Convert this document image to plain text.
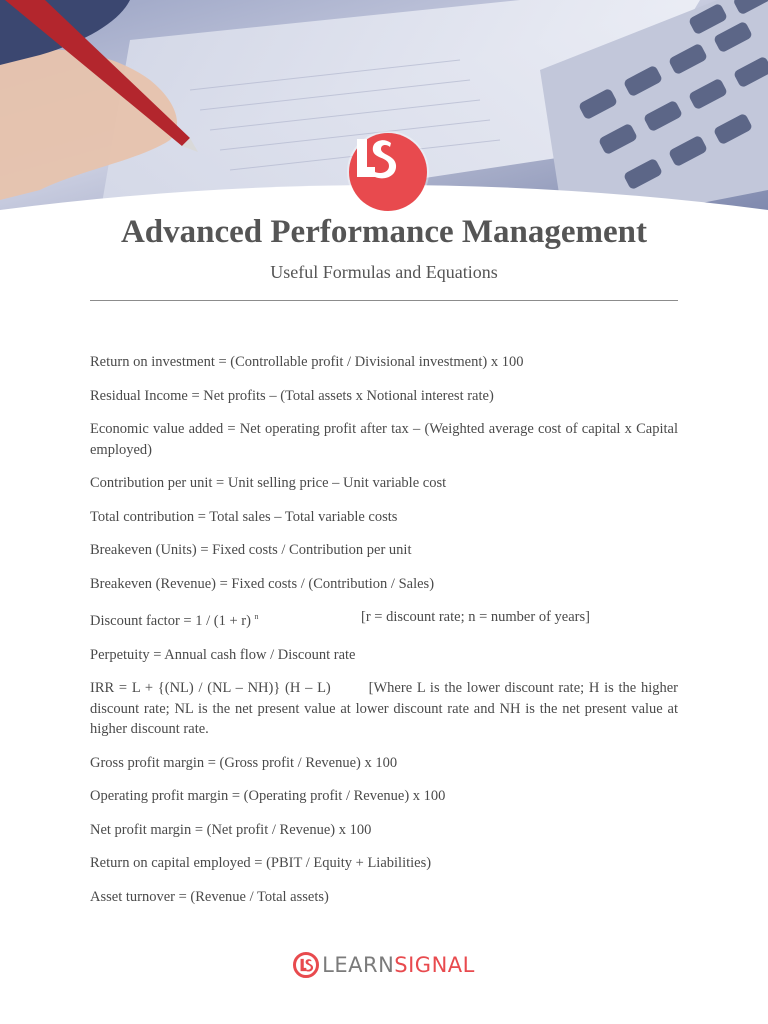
Advanced Performance Management
Useful Formulas and Equations

Return on investment = (Controllable profit / Divisional investment) x 100

Residual Income = Net profits – (Total assets x Notional interest rate)

Economic value added = Net operating profit after tax – (Weighted average cost of capital x Capital employed)

Contribution per unit = Unit selling price – Unit variable cost

Total contribution = Total sales – Total variable costs

Breakeven (Units) = Fixed costs / Contribution per unit

Breakeven (Revenue) = Fixed costs / (Contribution / Sales)

Discount factor = 1 / (1 + r) $^n$	[r = discount rate; n = number of years]

Perpetuity = Annual cash flow / Discount rate

IRR = L + {(NL) / (NL – NH)} (H – L)	[Where L is the lower discount rate; H is the higher discount rate; NL is the net present value at lower discount rate and NH is the net present value at higher discount rate.

Gross profit margin = (Gross profit / Revenue) x 100

Operating profit margin = (Operating profit / Revenue) x 100

Net profit margin = (Net profit / Revenue) x 100

Return on capital employed = (PBIT / Equity + Liabilities)

Asset turnover = (Revenue / Total assets)

LEARNSIGNAL
